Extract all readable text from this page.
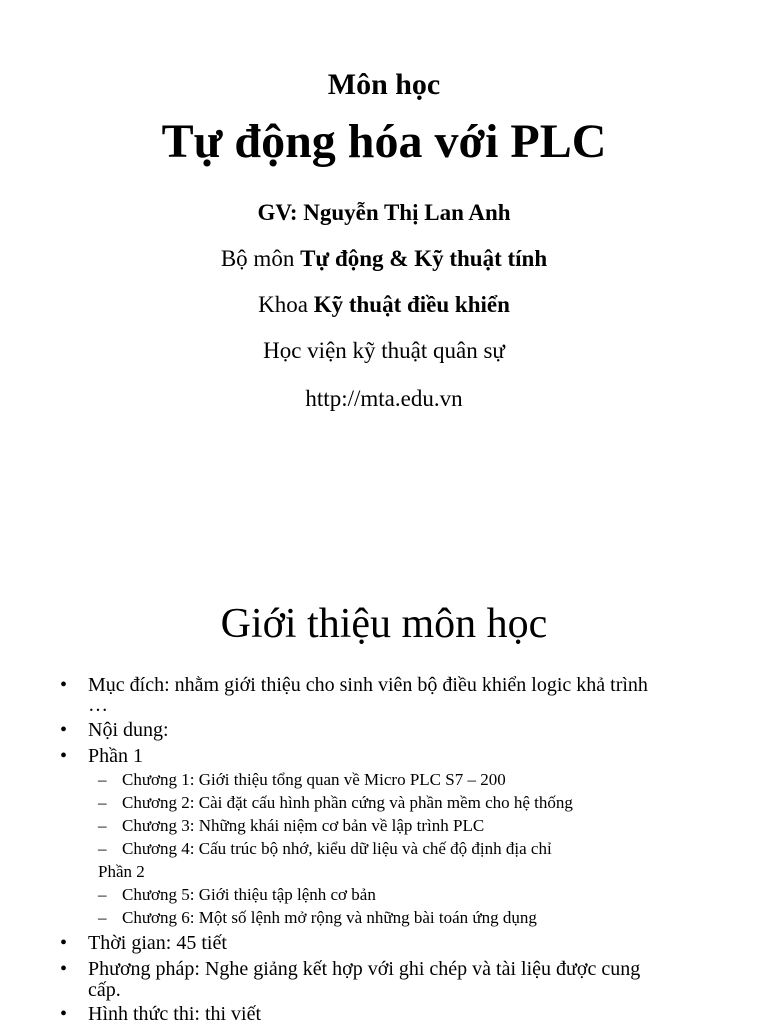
Môn học
Tự động hóa với PLC
GV: Nguyễn Thị Lan Anh
Bộ môn Tự động & Kỹ thuật tính
Khoa Kỹ thuật điều khiển
Học viện kỹ thuật quân sự
http://mta.edu.vn
Giới thiệu môn học
• Mục đích: nhằm giới thiệu cho sinh viên bộ điều khiển logic khả trình
…
• Nội dung:
• Phần 1
– Chương 1: Giới thiệu tổng quan về Micro PLC S7 – 200
– Chương 2: Cài đặt cấu hình phần cứng và phần mềm cho hệ thống
– Chương 3: Những khái niệm cơ bản về lập trình PLC
– Chương 4: Cấu trúc bộ nhớ, kiểu dữ liệu và chế độ định địa chỉ
Phần 2
– Chương 5: Giới thiệu tập lệnh cơ bản
– Chương 6: Một số lệnh mở rộng và những bài toán ứng dụng
• Thời gian: 45 tiết
• Phương pháp: Nghe giảng kết hợp với ghi chép và tài liệu được cung
cấp.
• Hình thức thi: thi viết
